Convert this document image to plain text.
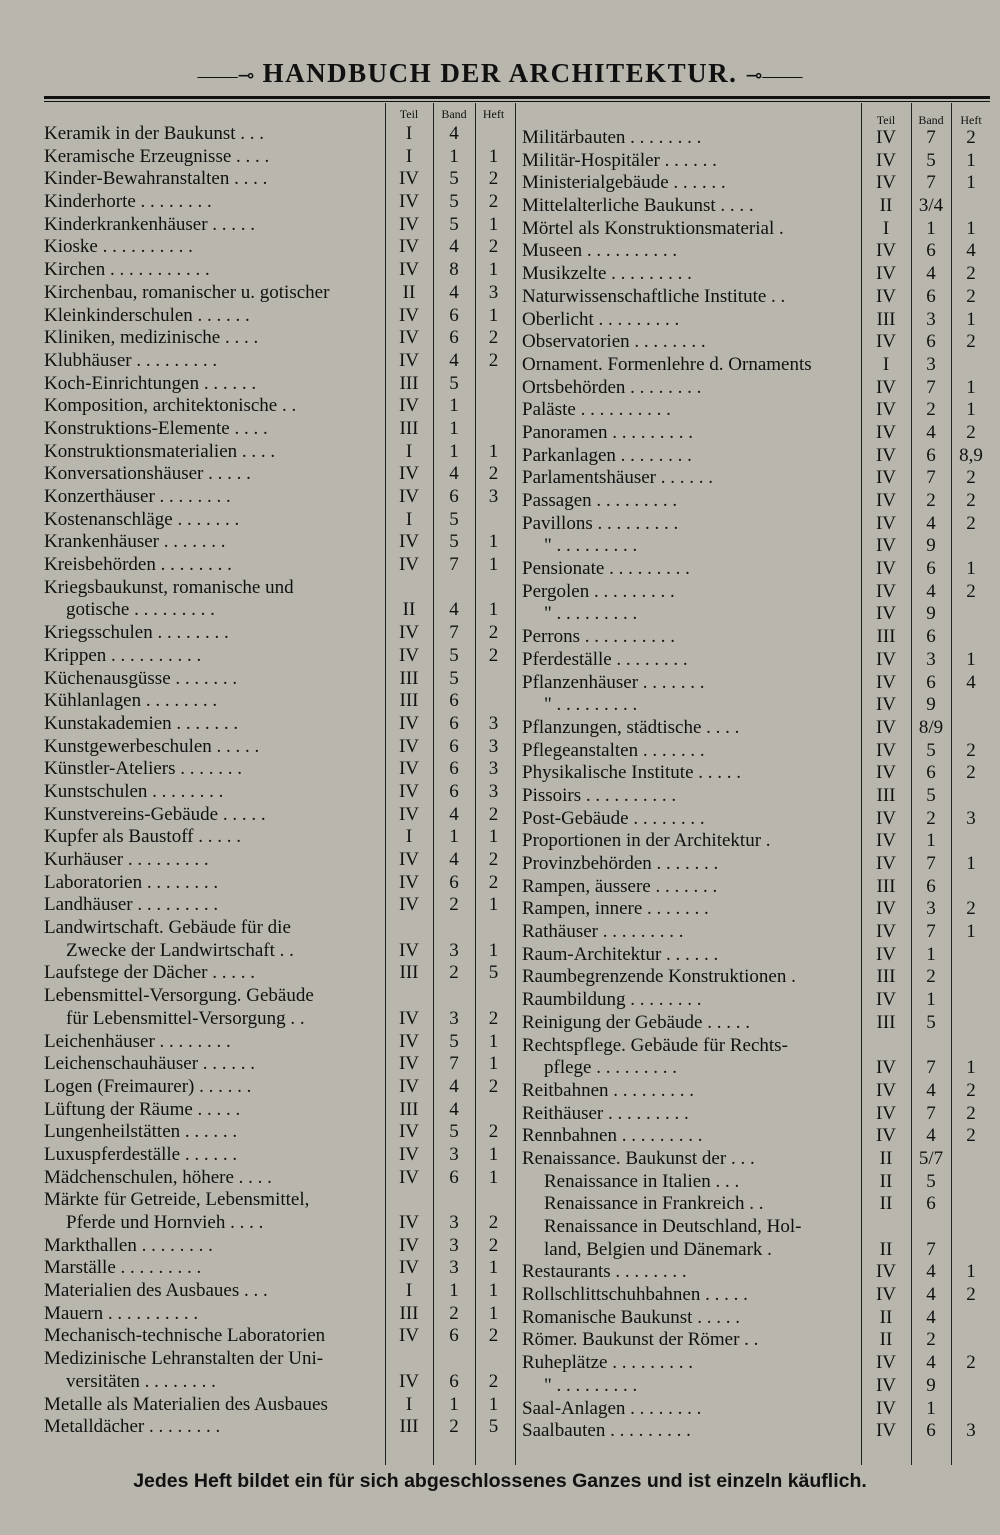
——⊸ HANDBUCH DER ARCHITEKTUR. ⊸——
Teil	Band	Heft
Keramik in der Baukunst . . .	I	4
Keramische Erzeugnisse . . . .	I	1	1
Kinder-Bewahranstalten . . . .	IV	5	2
Kinderhorte . . . . . . . .	IV	5	2
Kinderkrankenhäuser . . . . .	IV	5	1
Kioske . . . . . . . . . .	IV	4	2
Kirchen . . . . . . . . . . .	IV	8	1
Kirchenbau, romanischer u. gotischer	II	4	3
Kleinkinderschulen . . . . . .	IV	6	1
Kliniken, medizinische . . . .	IV	6	2
Klubhäuser . . . . . . . . .	IV	4	2
Koch-Einrichtungen . . . . . .	III	5
Komposition, architektonische . .	IV	1
Konstruktions-Elemente . . . .	III	1
Konstruktionsmaterialien . . . .	I	1	1
Konversationshäuser . . . . .	IV	4	2
Konzerthäuser . . . . . . . .	IV	6	3
Kostenanschläge . . . . . . .	I	5
Krankenhäuser . . . . . . .	IV	5	1
Kreisbehörden . . . . . . . .	IV	7	1
Kriegsbaukunst, romanische und
gotische . . . . . . . . .	II	4	1
Kriegsschulen . . . . . . . .	IV	7	2
Krippen . . . . . . . . . .	IV	5	2
Küchenausgüsse . . . . . . .	III	5
Kühlanlagen . . . . . . . .	III	6
Kunstakademien . . . . . . .	IV	6	3
Kunstgewerbeschulen . . . . .	IV	6	3
Künstler-Ateliers . . . . . . .	IV	6	3
Kunstschulen . . . . . . . .	IV	6	3
Kunstvereins-Gebäude . . . . .	IV	4	2
Kupfer als Baustoff . . . . .	I	1	1
Kurhäuser . . . . . . . . .	IV	4	2
Laboratorien . . . . . . . .	IV	6	2
Landhäuser . . . . . . . . .	IV	2	1
Landwirtschaft. Gebäude für die
Zwecke der Landwirtschaft . .	IV	3	1
Laufstege der Dächer . . . . .	III	2	5
Lebensmittel-Versorgung. Gebäude
für Lebensmittel-Versorgung . .	IV	3	2
Leichenhäuser . . . . . . . .	IV	5	1
Leichenschauhäuser . . . . . .	IV	7	1
Logen (Freimaurer) . . . . . .	IV	4	2
Lüftung der Räume . . . . .	III	4
Lungenheilstätten . . . . . .	IV	5	2
Luxuspferdeställe . . . . . .	IV	3	1
Mädchenschulen, höhere . . . .	IV	6	1
Märkte für Getreide, Lebensmittel,
Pferde und Hornvieh . . . .	IV	3	2
Markthallen . . . . . . . .	IV	3	2
Marställe . . . . . . . . .	IV	3	1
Materialien des Ausbaues . . .	I	1	1
Mauern . . . . . . . . . .	III	2	1
Mechanisch-technische Laboratorien	IV	6	2
Medizinische Lehranstalten der Uni-
versitäten . . . . . . . .	IV	6	2
Metalle als Materialien des Ausbaues	I	1	1
Metalldächer . . . . . . . .	III	2	5
Teil	Band	Heft
Militärbauten . . . . . . . .	IV	7	2
Militär-Hospitäler . . . . . .	IV	5	1
Ministerialgebäude . . . . . .	IV	7	1
Mittelalterliche Baukunst . . . .	II	3/4
Mörtel als Konstruktionsmaterial .	I	1	1
Museen . . . . . . . . . .	IV	6	4
Musikzelte . . . . . . . . .	IV	4	2
Naturwissenschaftliche Institute . .	IV	6	2
Oberlicht . . . . . . . . .	III	3	1
Observatorien . . . . . . . .	IV	6	2
Ornament. Formenlehre d. Ornaments	I	3
Ortsbehörden . . . . . . . .	IV	7	1
Paläste . . . . . . . . . .	IV	2	1
Panoramen . . . . . . . . .	IV	4	2
Parkanlagen . . . . . . . .	IV	6	8,9
Parlamentshäuser . . . . . .	IV	7	2
Passagen . . . . . . . . .	IV	2	2
Pavillons . . . . . . . . .	IV	4	2
" . . . . . . . . .	IV	9
Pensionate . . . . . . . . .	IV	6	1
Pergolen . . . . . . . . .	IV	4	2
" . . . . . . . . .	IV	9
Perrons . . . . . . . . . .	III	6
Pferdeställe . . . . . . . .	IV	3	1
Pflanzenhäuser . . . . . . .	IV	6	4
" . . . . . . . . .	IV	9
Pflanzungen, städtische . . . .	IV	8/9
Pflegeanstalten . . . . . . .	IV	5	2
Physikalische Institute . . . . .	IV	6	2
Pissoirs . . . . . . . . . .	III	5
Post-Gebäude . . . . . . . .	IV	2	3
Proportionen in der Architektur .	IV	1
Provinzbehörden . . . . . . .	IV	7	1
Rampen, äussere . . . . . . .	III	6
Rampen, innere . . . . . . .	IV	3	2
Rathäuser . . . . . . . . .	IV	7	1
Raum-Architektur . . . . . .	IV	1
Raumbegrenzende Konstruktionen .	III	2
Raumbildung . . . . . . . .	IV	1
Reinigung der Gebäude . . . . .	III	5
Rechtspflege. Gebäude für Rechts-
pflege . . . . . . . . .	IV	7	1
Reitbahnen . . . . . . . . .	IV	4	2
Reithäuser . . . . . . . . .	IV	7	2
Rennbahnen . . . . . . . . .	IV	4	2
Renaissance. Baukunst der . . .	II	5/7
Renaissance in Italien . . .	II	5
Renaissance in Frankreich . .	II	6
Renaissance in Deutschland, Hol-
land, Belgien und Dänemark .	II	7
Restaurants . . . . . . . .	IV	4	1
Rollschlittschuhbahnen . . . . .	IV	4	2
Romanische Baukunst . . . . .	II	4
Römer. Baukunst der Römer . .	II	2
Ruheplätze . . . . . . . . .	IV	4	2
" . . . . . . . . .	IV	9
Saal-Anlagen . . . . . . . .	IV	1
Saalbauten . . . . . . . . .	IV	6	3
Jedes Heft bildet ein für sich abgeschlossenes Ganzes und ist einzeln käuflich.
